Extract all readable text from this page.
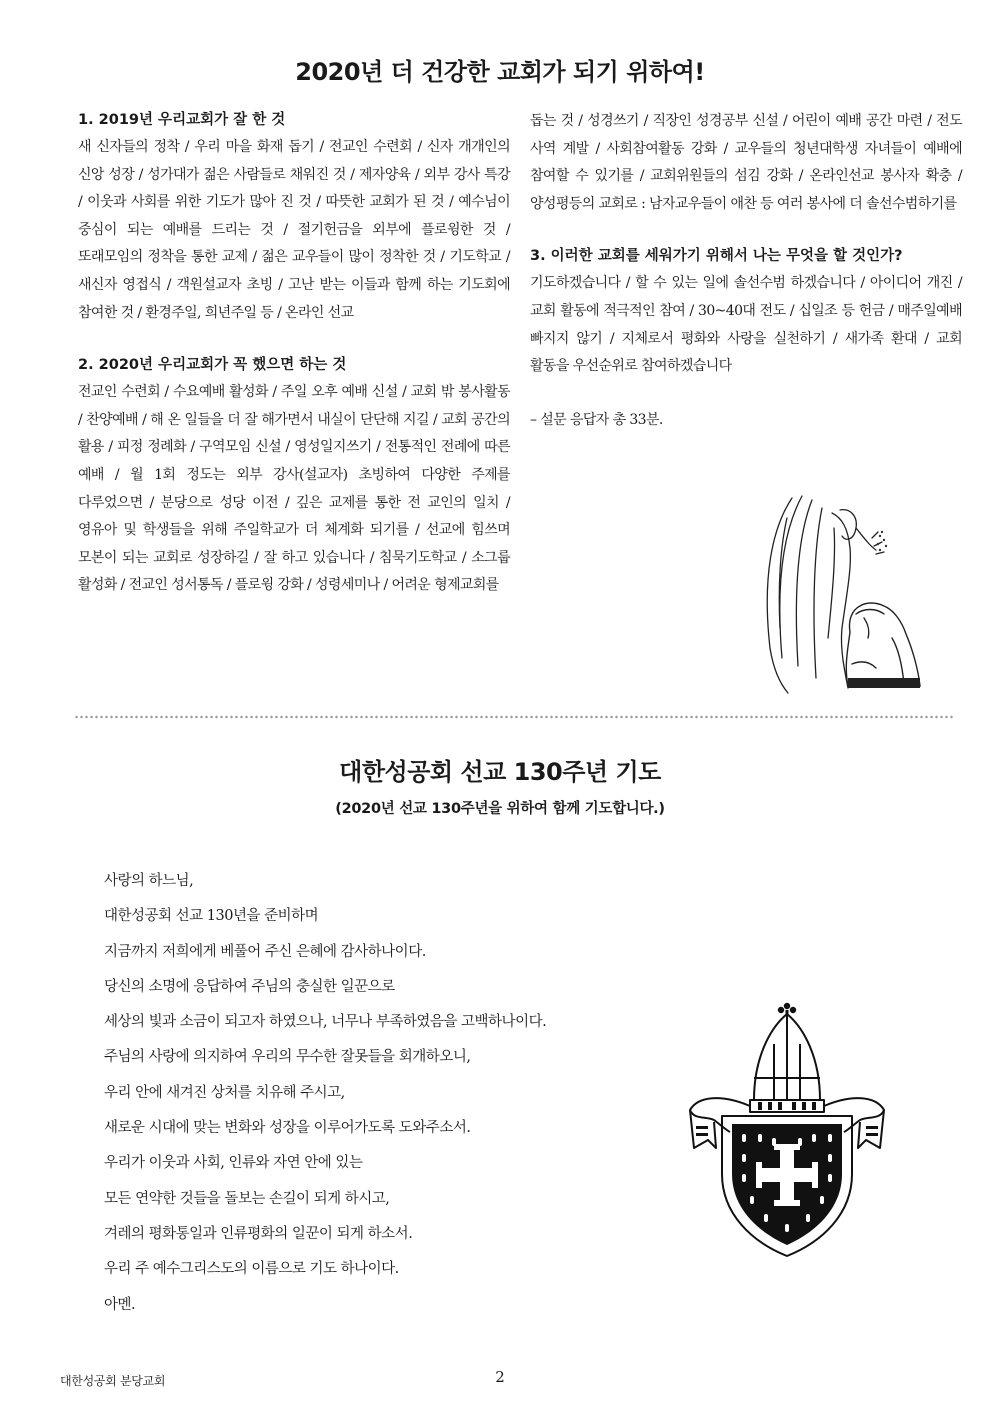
2020년 더 건강한 교회가 되기 위하여!

1. 2019년 우리교회가 잘 한 것

새 신자들의 정착 / 우리 마을 화재 돕기 / 전교인 수련회 / 신자 개개인의 신앙 성장 / 성가대가 젊은 사람들로 채워진 것 / 제자양육 / 외부 강사 특강 / 이웃과 사회를 위한 기도가 많아 진 것 / 따뜻한 교회가 된 것 / 예수님이 중심이 되는 예배를 드리는 것 / 절기헌금을 외부에 플로윙한 것 / 또래모임의 정착을 통한 교제 / 젊은 교우들이 많이 정착한 것 / 기도학교 / 새신자 영접식 / 객원설교자 초빙 / 고난 받는 이들과 함께 하는 기도회에 참여한 것 / 환경주일, 희년주일 등 / 온라인 선교

2. 2020년 우리교회가 꼭 했으면 하는 것

전교인 수련회 / 수요예배 활성화 / 주일 오후 예배 신설 / 교회 밖 봉사활동 / 찬양예배 / 해 온 일들을 더 잘 해가면서 내실이 단단해 지길 / 교회 공간의 활용 / 피정 정례화 / 구역모임 신설 / 영성일지쓰기 / 전통적인 전례에 따른 예배 / 월 1회 정도는 외부 강사(설교자) 초빙하여 다양한 주제를 다루었으면 / 분당으로 성당 이전 / 깊은 교제를 통한 전 교인의 일치 / 영유아 및 학생들을 위해 주일학교가 더 체계화 되기를 / 선교에 힘쓰며 모본이 되는 교회로 성장하길 / 잘 하고 있습니다 / 침묵기도학교 / 소그룹 활성화 / 전교인 성서통독 / 플로윙 강화 / 성령세미나 / 어려운 형제교회를

돕는 것 / 성경쓰기 / 직장인 성경공부 신설 / 어린이 예배 공간 마련 / 전도 사역 계발 / 사회참여활동 강화 / 교우들의 청년대학생 자녀들이 예배에 참여할 수 있기를 / 교회위원들의 섬김 강화 / 온라인선교 봉사자 확충 / 양성평등의 교회로 : 남자교우들이 애찬 등 여러 봉사에 더 솔선수범하기를

3. 이러한 교회를 세워가기 위해서 나는 무엇을 할 것인가?

기도하겠습니다 / 할 수 있는 일에 솔선수범 하겠습니다 / 아이디어 개진 / 교회 활동에 적극적인 참여 / 30~40대 전도 / 십일조 등 헌금 / 매주일예배 빠지지 않기 / 지체로서 평화와 사랑을 실천하기 / 새가족 환대 / 교회 활동을 우선순위로 참여하겠습니다

– 설문 응답자 총 33분.

대한성공회 선교 130주년 기도
(2020년 선교 130주년을 위하여 함께 기도합니다.)
사랑의 하느님,
대한성공회 선교 130년을 준비하며
지금까지 저희에게 베풀어 주신 은혜에 감사하나이다.
당신의 소명에 응답하여 주님의 충실한 일꾼으로
세상의 빛과 소금이 되고자 하였으나, 너무나 부족하였음을 고백하나이다.
주님의 사랑에 의지하여 우리의 무수한 잘못들을 회개하오니,
우리 안에 새겨진 상처를 치유해 주시고,
새로운 시대에 맞는 변화와 성장을 이루어가도록 도와주소서.
우리가 이웃과 사회, 인류와 자연 안에 있는
모든 연약한 것들을 돌보는 손길이 되게 하시고,
겨레의 평화통일과 인류평화의 일꾼이 되게 하소서.
우리 주 예수그리스도의 이름으로 기도 하나이다.
아멘.
대한성공회 분당교회	2
